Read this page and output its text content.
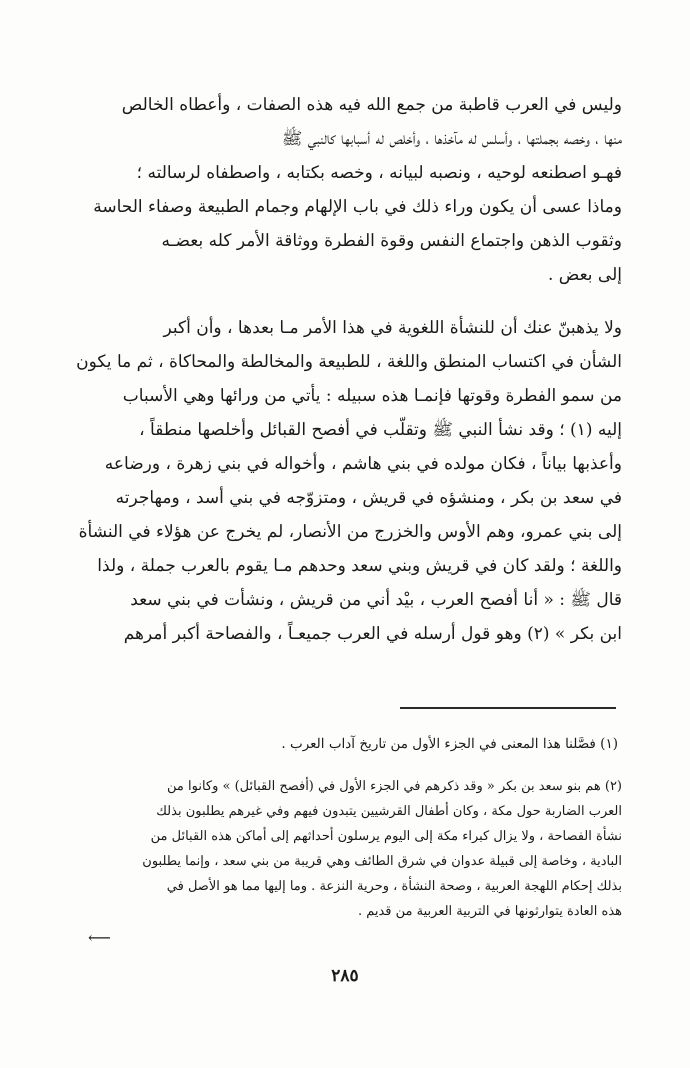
وليس في العرب قاطبة من جمع الله فيه هذه الصفات ، وأعطاه الخالص
منها ، وخصه بجملتها ، وأسلس له مآخذها ، وأخلص له أسبابها كالنبي ﷺ
فهـو اصطنعه لوحيه ، ونصبه لبيانه ، وخصه بكتابه ، واصطفاه لرسالته ؛
وماذا عسى أن يكون وراء ذلك في باب الإلهام وجمام الطبيعة وصفاء الحاسة
وثقوب الذهن واجتماع النفس وقوة الفطرة ووثاقة الأمر كله بعضـه
إلى بعض .
ولا يذهبنّ عنك أن للنشأة اللغوية في هذا الأمر مـا بعدها ، وأن أكبر
الشأن في اكتساب المنطق واللغة ، للطبيعة والمخالطة والمحاكاة ، ثم ما يكون
من سمو الفطرة وقوتها فإنمـا هذه سبيله : يأتي من ورائها وهي الأسباب
إليه (١) ؛ وقد نشأ النبي ﷺ وتقلّب في أفصح القبائل وأخلصها منطقاً ،
وأعذبها بياناً ، فكان مولده في بني هاشم ، وأخواله في بني زهرة ، ورضاعه
في سعد بن بكر ، ومنشؤه في قريش ، ومتزوّجه في بني أسد ، ومهاجرته
إلى بني عمرو، وهم الأوس والخزرج من الأنصار، لم يخرج عن هؤلاء في النشأة
واللغة ؛ ولقد كان في قريش وبني سعد وحدهم مـا يقوم بالعرب جملة ، ولذا
قال ﷺ : « أنا أفصح العرب ، بيْد أني من قريش ، ونشأت في بني سعد
ابن بكر » (٢) وهو قول أرسله في العرب جميعـاً ، والفصاحة أكبر أمرهم
(١) فصَّلنا هذا المعنى في الجزء الأول من تاريخ آداب العرب .
(٢) هم بنو سعد بن بكر « وقد ذكرهم في الجزء الأول في (أفصح القبائل) » وكانوا من
العرب الضاربة حول مكة ، وكان أطفال القرشيين يتبدون فيهم وفي غيرهم يطلبون بذلك
نشأة الفصاحة ، ولا يزال كبراء مكة إلى اليوم يرسلون أحداثهم إلى أماكن هذه القبائل من
البادية ، وخاصة إلى قبيلة عدوان في شرق الطائف وهي قريبة من بني سعد ، وإنما يطلبون
بذلك إحكام اللهجة العربية ، وصحة النشأة ، وحرية النزعة . وما إليها مما هو الأصل في
هذه العادة يتوارثونها في التربية العربية من قديم .
⟵
٢٨٥
